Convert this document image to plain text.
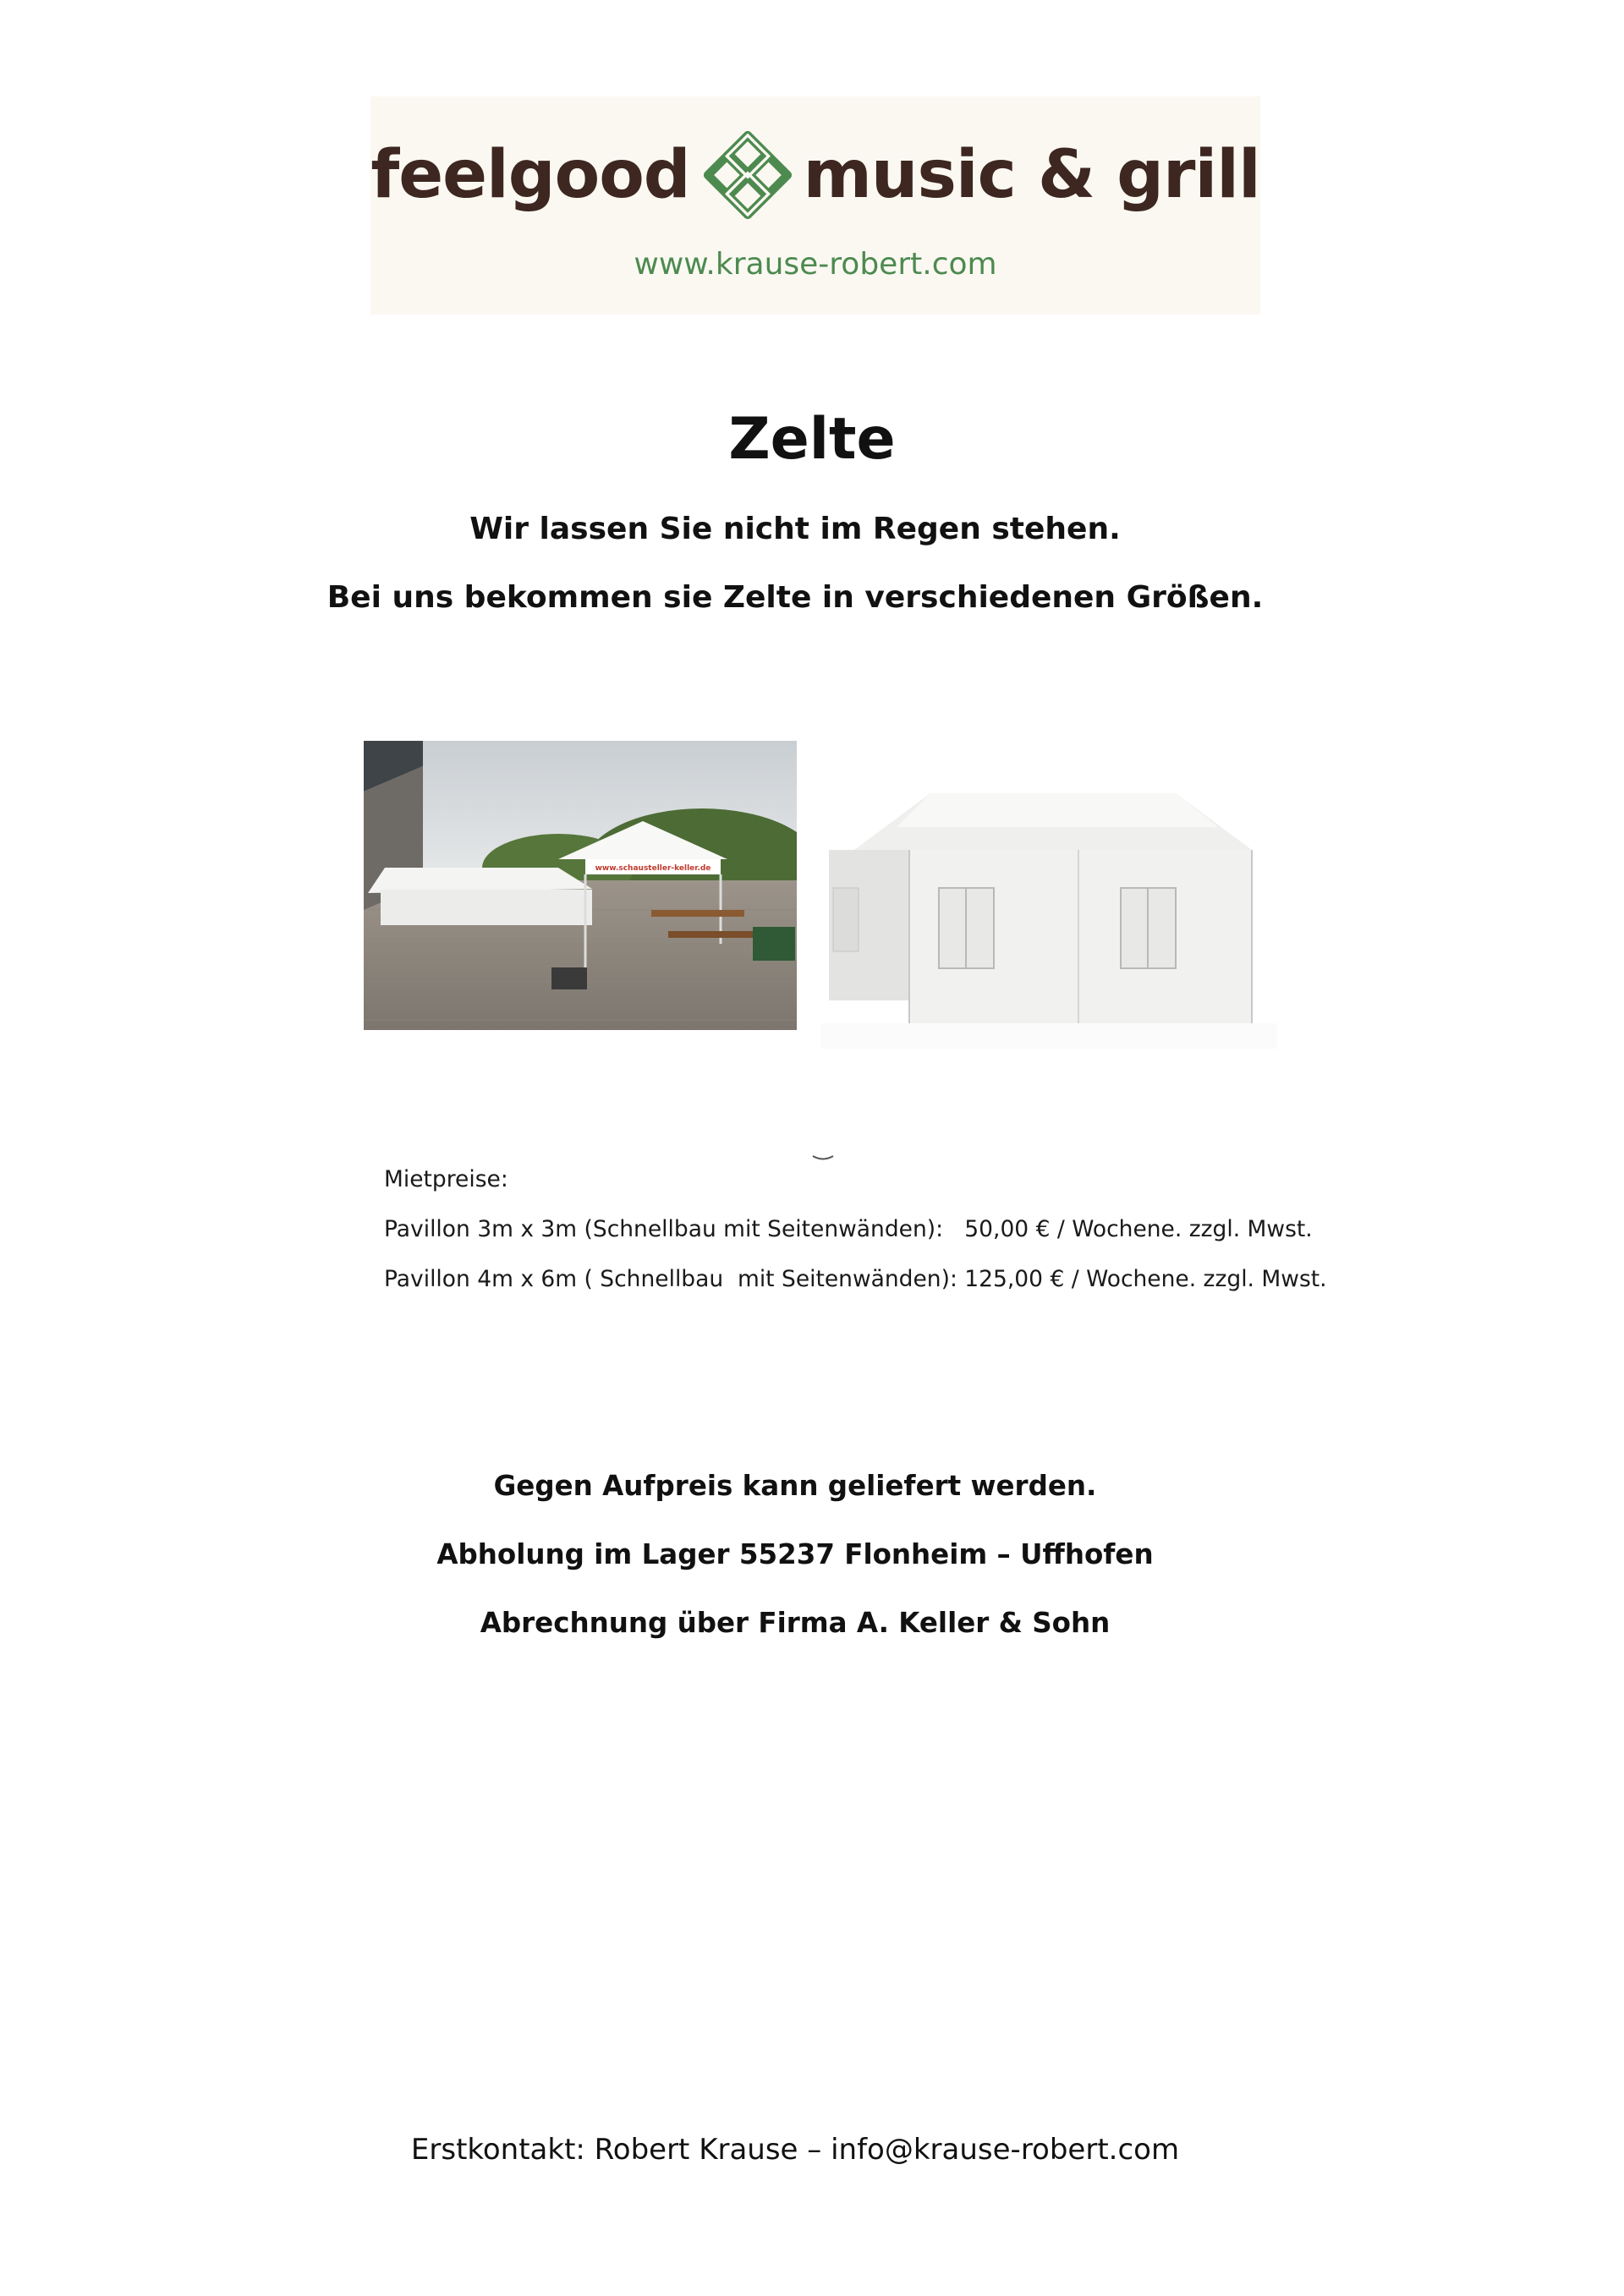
feelgood music & grill
www.krause-robert.com
Zelte
Wir lassen Sie nicht im Regen stehen.
Bei uns bekommen sie Zelte in verschiedenen Größen.
www.schausteller-keller.de
Mietpreise:
Pavillon 3m x 3m (Schnellbau mit Seitenwänden):   50,00 € / Wochene. zzgl. Mwst.
Pavillon 4m x 6m ( Schnellbau  mit Seitenwänden): 125,00 € / Wochene. zzgl. Mwst.
Gegen Aufpreis kann geliefert werden.
Abholung im Lager 55237 Flonheim – Uffhofen
Abrechnung über Firma A. Keller & Sohn
Erstkontakt: Robert Krause – info@krause-robert.com
